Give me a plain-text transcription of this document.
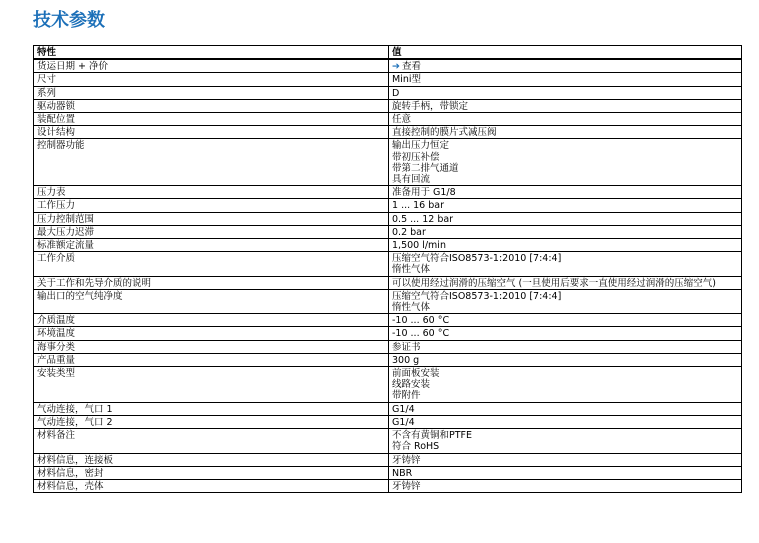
技术参数
特性	值
货运日期 + 净价	➔ 查看

尺寸	Mini型

系列	D

驱动器锁	旋转手柄，带锁定

装配位置	任意

设计结构	直接控制的膜片式减压阀

控制器功能	输出压力恒定
带初压补偿
带第二排气通道
具有回流

压力表	准备用于 G1/8

工作压力	1 ... 16 bar

压力控制范围	0.5 ... 12 bar

最大压力迟滞	0.2 bar

标准额定流量	1,500 l/min

工作介质	压缩空气符合ISO8573-1:2010 [7:4:4]
惰性气体

关于工作和先导介质的说明	可以使用经过润滑的压缩空气 (一旦使用后要求一直使用经过润滑的压缩空气)

输出口的空气纯净度	压缩空气符合ISO8573-1:2010 [7:4:4]
惰性气体

介质温度	-10 ... 60 °C

环境温度	-10 ... 60 °C

海事分类	参证书

产品重量	300 g

安装类型	前面板安装
线路安装
带附件

气动连接，气口 1	G1/4

气动连接，气口 2	G1/4

材料备注	不含有黄铜和PTFE
符合 RoHS

材料信息，连接板	牙铸锌

材料信息，密封	NBR

材料信息，壳体	牙铸锌
